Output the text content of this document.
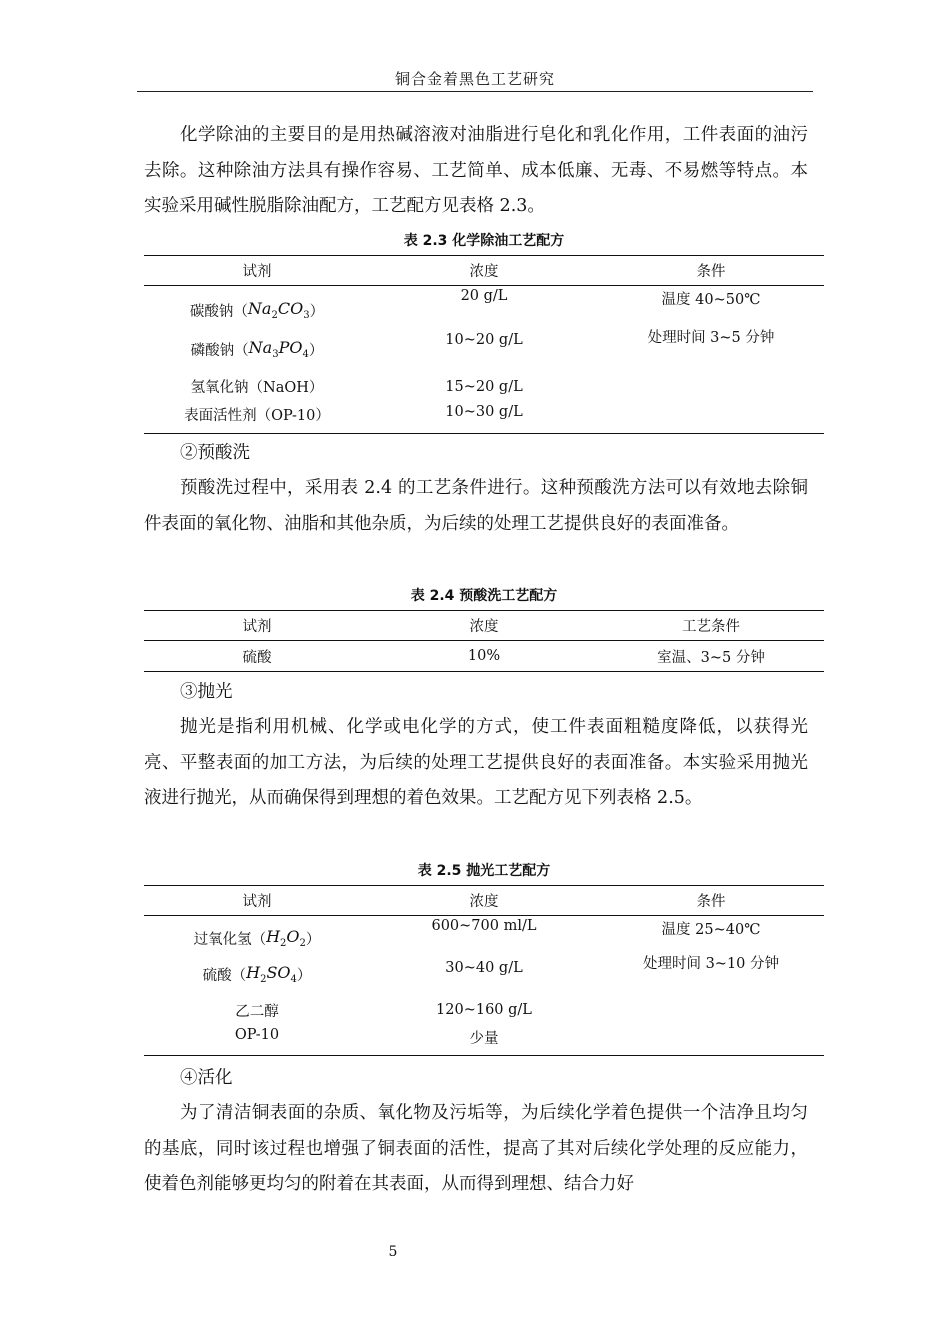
铜合金着黑色工艺研究

化学除油的主要目的是用热碱溶液对油脂进行皂化和乳化作用，工件表面的油污去除。这种除油方法具有操作容易、工艺简单、成本低廉、无毒、不易燃等特点。本实验采用碱性脱脂除油配方，工艺配方见表格 2.3。

表 2.3 化学除油工艺配方
试剂	浓度	条件
碳酸钠$(Na_2CO_3)$	20 g/L	温度 40~50℃
磷酸钠$(Na_3PO_4)$	10~20 g/L	处理时间 3~5 分钟
氢氧化钠（NaOH）	15~20 g/L	
表面活性剂（OP-10）	10~30 g/L	

②预酸洗

预酸洗过程中，采用表 2.4 的工艺条件进行。这种预酸洗方法可以有效地去除铜件表面的氧化物、油脂和其他杂质，为后续的处理工艺提供良好的表面准备。

表 2.4 预酸洗工艺配方
试剂	浓度	工艺条件
硫酸	10%	室温、3~5 分钟

③抛光

抛光是指利用机械、化学或电化学的方式，使工件表面粗糙度降低，以获得光亮、平整表面的加工方法，为后续的处理工艺提供良好的表面准备。本实验采用抛光液进行抛光，从而确保得到理想的着色效果。工艺配方见下列表格 2.5。

表 2.5 抛光工艺配方
试剂	浓度	条件
过氧化氢$(H_2O_2)$	600~700 ml/L	温度 25~40℃
硫酸$(H_2SO_4)$	30~40 g/L	处理时间 3~10 分钟
乙二醇	120~160 g/L	
OP-10	少量	

④活化

为了清洁铜表面的杂质、氧化物及污垢等，为后续化学着色提供一个洁净且均匀的基底，同时该过程也增强了铜表面的活性，提高了其对后续化学处理的反应能力，使着色剂能够更均匀的附着在其表面，从而得到理想、结合力好

5
